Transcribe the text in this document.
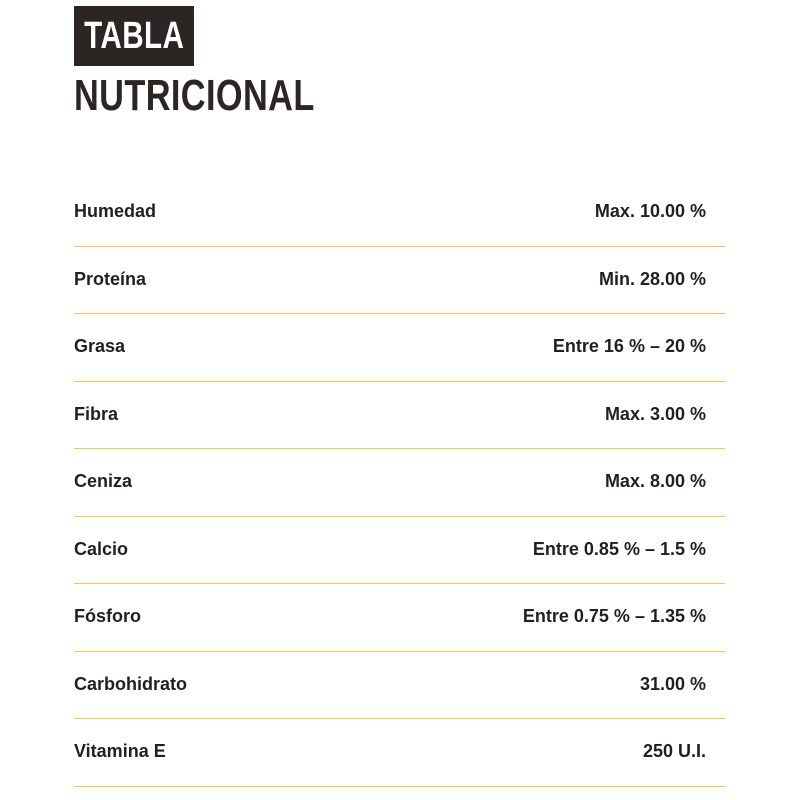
TABLA
NUTRICIONAL
Humedad	Max. 10.00 %
Proteína	Min. 28.00 %
Grasa	Entre 16 % – 20 %
Fibra	Max. 3.00 %
Ceniza	Max. 8.00 %
Calcio	Entre 0.85 % – 1.5 %
Fósforo	Entre 0.75 % – 1.35 %
Carbohidrato	31.00 %
Vitamina E	250 U.I.
